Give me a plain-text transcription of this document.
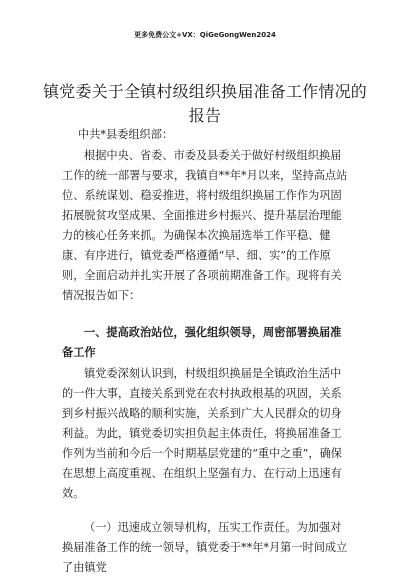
更多免费公文+VX：QiGeGongWen2024
镇党委关于全镇村级组织换届准备工作情况的报告
中共*县委组织部：
根据中央、省委、市委及县委关于做好村级组织换届工作的统一部署与要求，我镇自**年*月以来，坚持高点站位、系统谋划、稳妥推进，将村级组织换届工作作为巩固拓展脱贫攻坚成果、全面推进乡村振兴、提升基层治理能力的核心任务来抓。为确保本次换届选举工作平稳、健康、有序进行，镇党委严格遵循“早、细、实”的工作原则，全面启动并扎实开展了各项前期准备工作。现将有关情况报告如下：
一、提高政治站位，强化组织领导，周密部署换届准备工作
镇党委深刻认识到，村级组织换届是全镇政治生活中的一件大事，直接关系到党在农村执政根基的巩固，关系到乡村振兴战略的顺利实施，关系到广大人民群众的切身利益。为此，镇党委切实担负起主体责任，将换届准备工作列为当前和今后一个时期基层党建的“重中之重”，确保在思想上高度重视、在组织上坚强有力、在行动上迅速有效。
（一）迅速成立领导机构，压实工作责任。为加强对换届准备工作的统一领导，镇党委于**年*月第一时间成立了由镇党
